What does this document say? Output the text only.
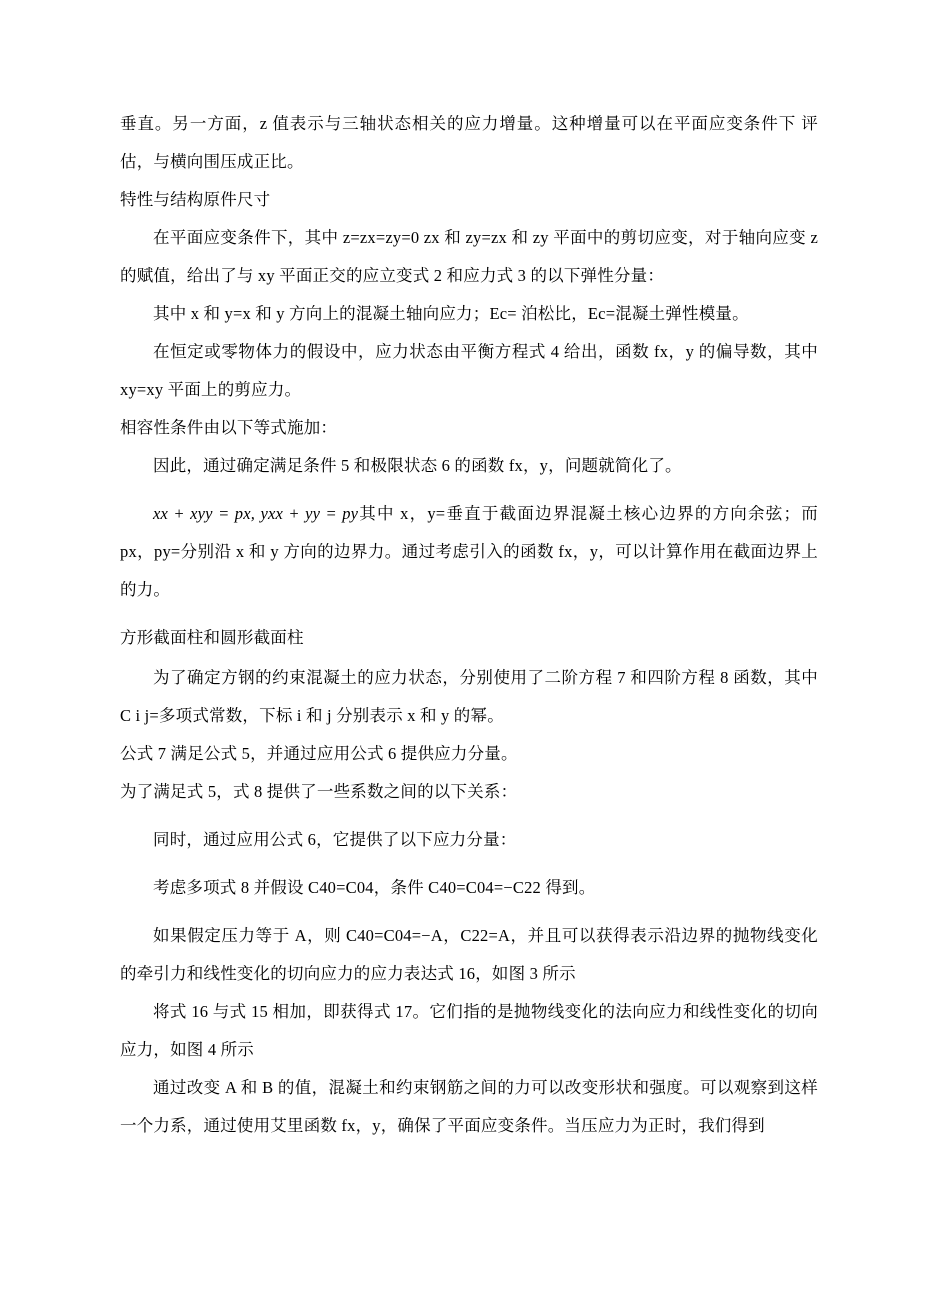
垂直。另一方面，z 值表示与三轴状态相关的应力增量。这种增量可以在平面应变条件下 评估，与横向围压成正比。

特性与结构原件尺寸

在平面应变条件下，其中 z=zx=zy=0 zx 和 zy=zx 和 zy 平面中的剪切应变，对于轴向应变 z 的赋值，给出了与 xy 平面正交的应立变式 2 和应力式 3 的以下弹性分量：

其中 x 和 y=x 和 y 方向上的混凝土轴向应力；Ec= 泊松比，Ec=混凝土弹性模量。

在恒定或零物体力的假设中，应力状态由平衡方程式 4 给出，函数 fx，y 的偏导数，其中 xy=xy 平面上的剪应力。

相容性条件由以下等式施加：

因此，通过确定满足条件 5 和极限状态 6 的函数 fx，y，问题就简化了。

xx + xyy = px, yxx + yy = py其中 x，y=垂直于截面边界混凝土核心边界的方向余弦；而 px，py=分别沿 x 和 y 方向的边界力。通过考虑引入的函数 fx，y，可以计算作用在截面边界上的力。

方形截面柱和圆形截面柱

为了确定方钢的约束混凝土的应力状态，分别使用了二阶方程 7 和四阶方程 8 函数，其中 C i j=多项式常数，下标 i 和 j 分别表示 x 和 y 的幂。

公式 7 满足公式 5，并通过应用公式 6 提供应力分量。

为了满足式 5，式 8 提供了一些系数之间的以下关系：

同时，通过应用公式 6，它提供了以下应力分量：

考虑多项式 8 并假设 C40=C04，条件 C40=C04=−C22 得到。

如果假定压力等于 A，则 C40=C04=−A，C22=A，并且可以获得表示沿边界的抛物线变化的牵引力和线性变化的切向应力的应力表达式 16，如图 3 所示

将式 16 与式 15 相加，即获得式 17。它们指的是抛物线变化的法向应力和线性变化的切向应力，如图 4 所示

通过改变 A 和 B 的值，混凝土和约束钢筋之间的力可以改变形状和强度。可以观察到这样一个力系，通过使用艾里函数 fx，y，确保了平面应变条件。当压应力为正时，我们得到
